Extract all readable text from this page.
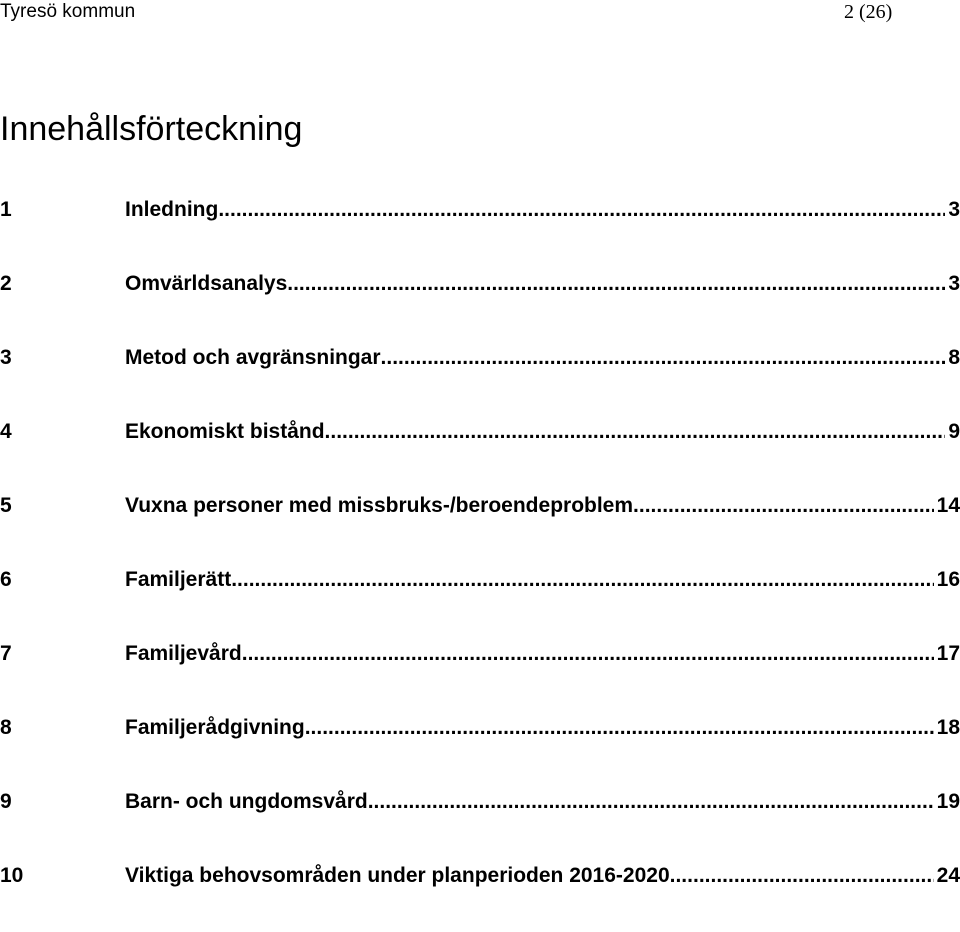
Tyresö kommun	2 (26)
Innehållsförteckning
1	Inledning .....	3
2	Omvärldsanalys .....	3
3	Metod och avgränsningar .....	8
4	Ekonomiskt bistånd .....	9
5	Vuxna personer med missbruks-/beroendeproblem .....	14
6	Familjerätt .....	16
7	Familjevård .....	17
8	Familjerådgivning .....	18
9	Barn- och ungdomsvård .....	19
10	Viktiga behovsområden under planperioden 2016-2020 .....	24
